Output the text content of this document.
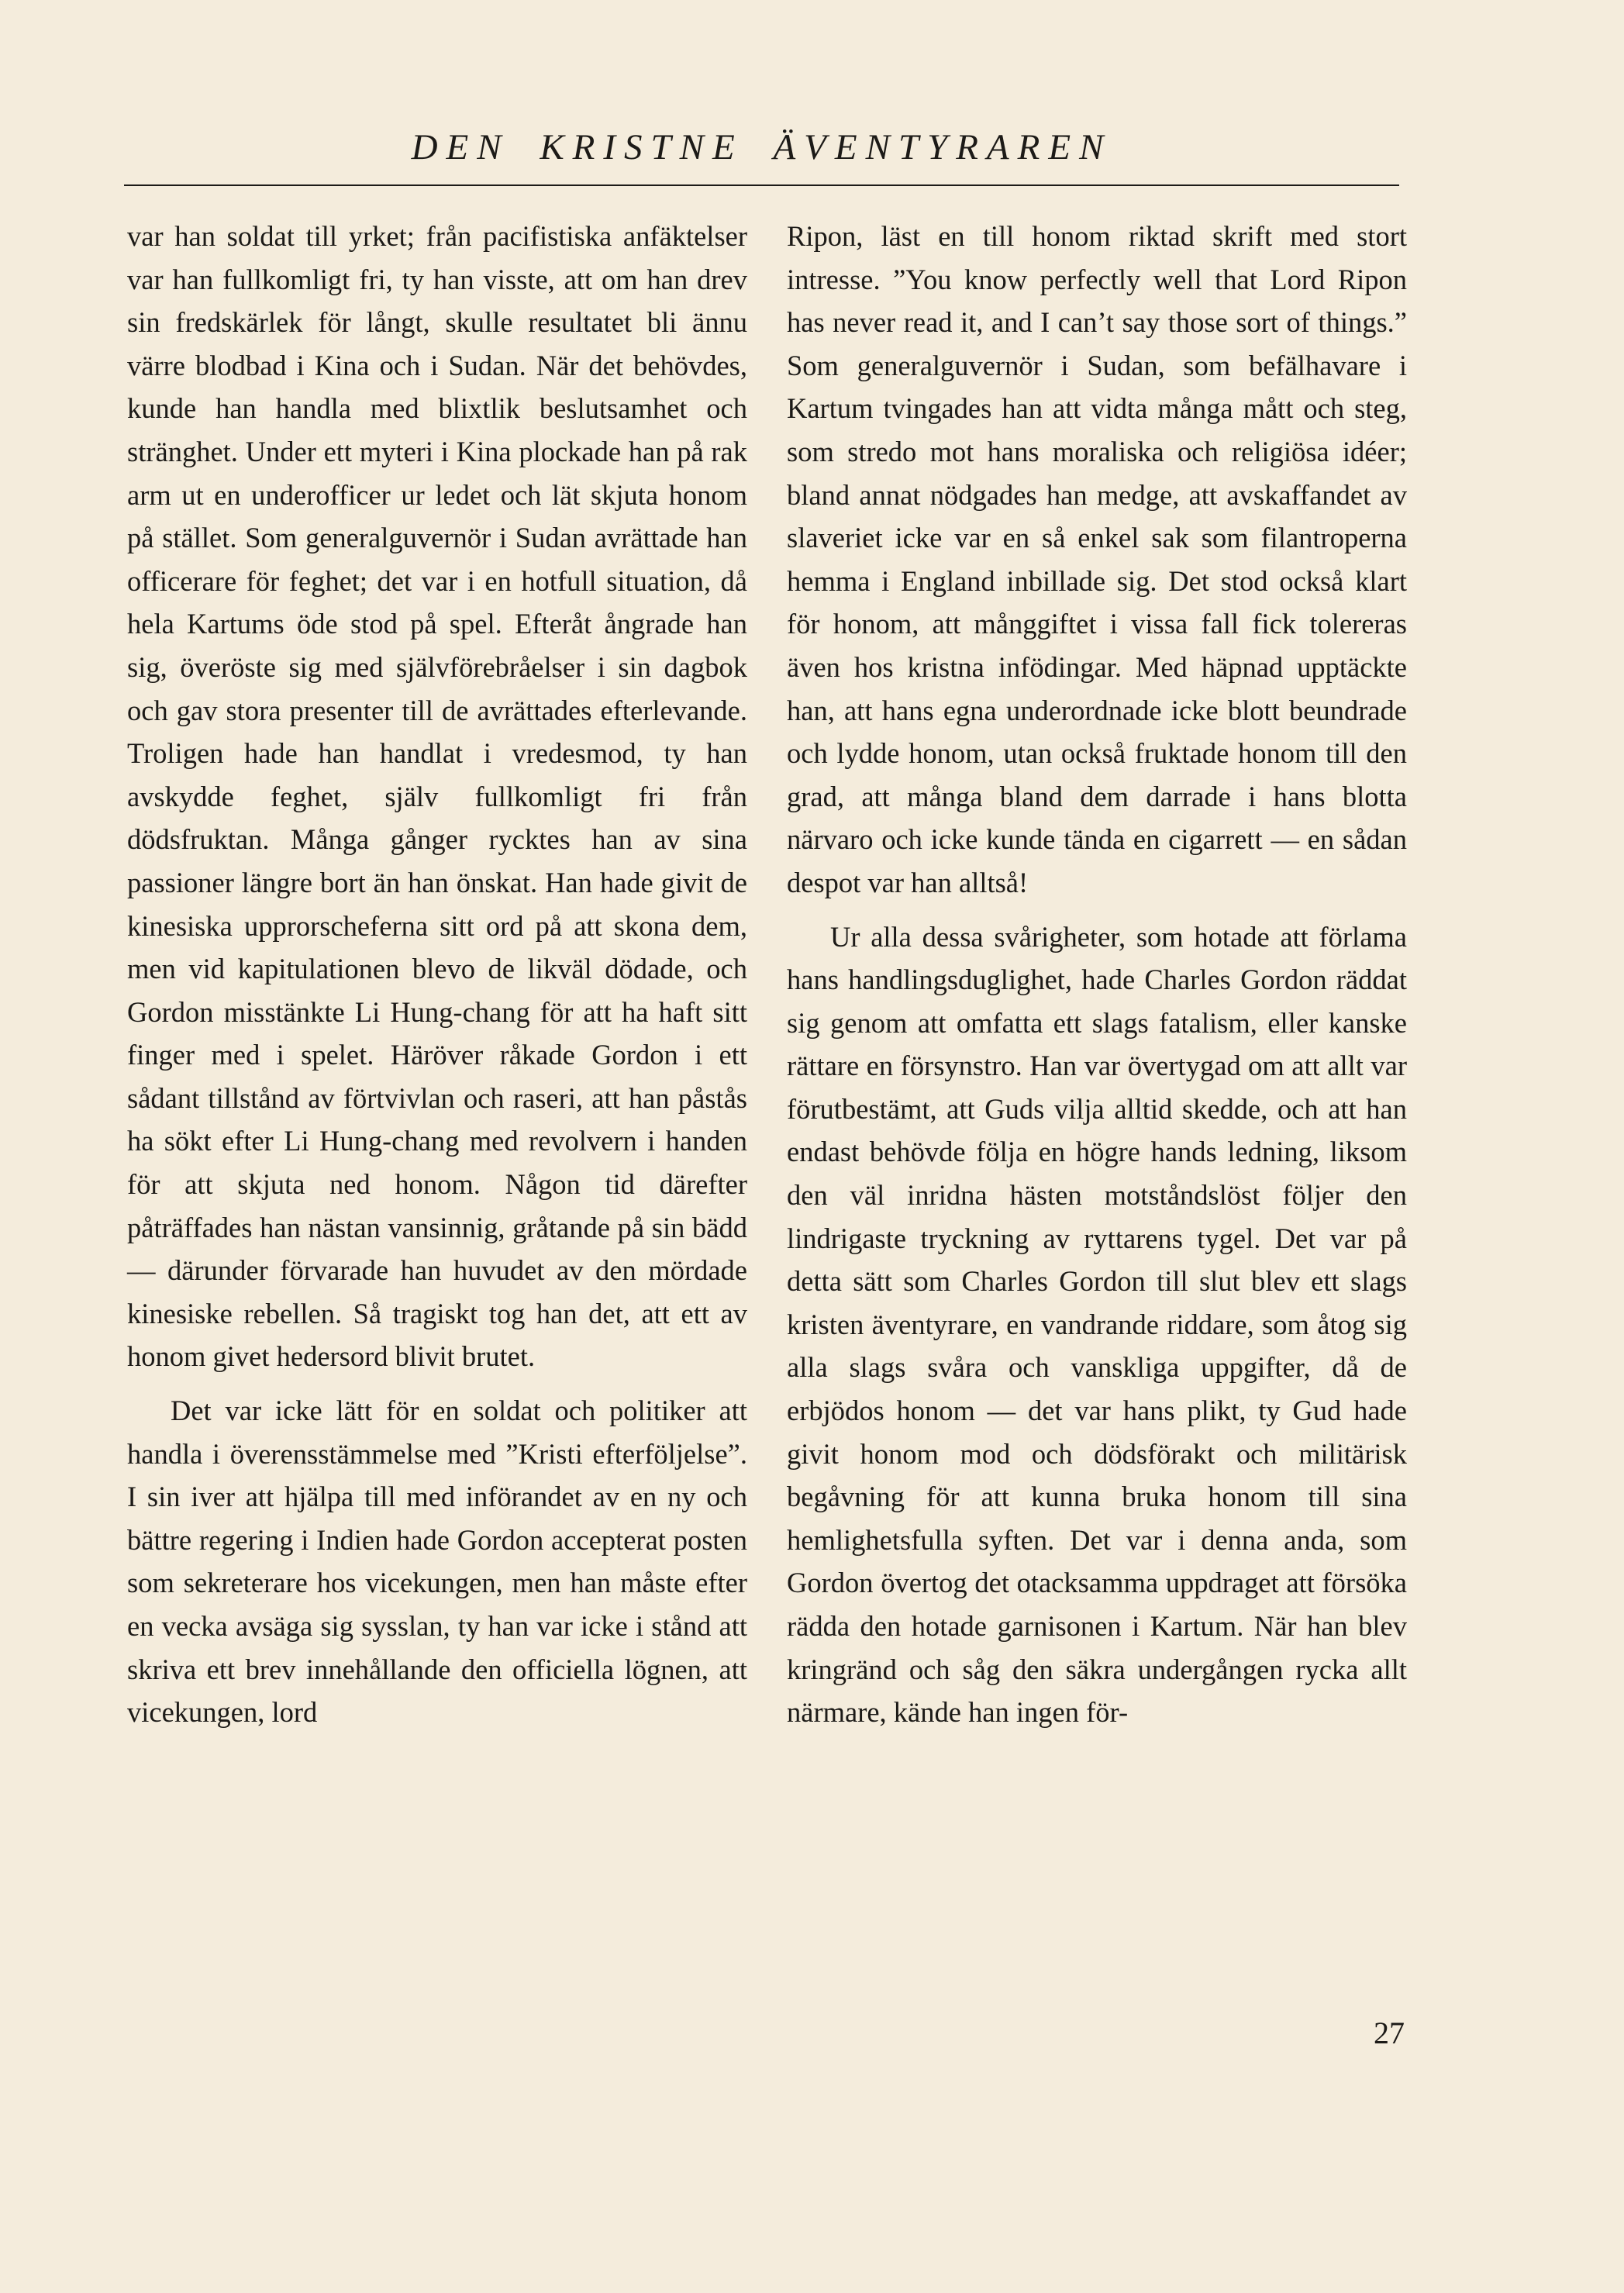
DEN KRISTNE ÄVENTYRAREN

var han soldat till yrket; från pacifistiska anfäktelser var han fullkomligt fri, ty han visste, att om han drev sin fredskärlek för långt, skulle resultatet bli ännu värre blodbad i Kina och i Sudan. När det behövdes, kunde han handla med blixtlik beslutsamhet och stränghet. Under ett myteri i Kina plockade han på rak arm ut en underofficer ur ledet och lät skjuta honom på stället. Som generalguvernör i Sudan avrättade han officerare för feghet; det var i en hotfull situation, då hela Kartums öde stod på spel. Efteråt ångrade han sig, överöste sig med självförebråelser i sin dagbok och gav stora presenter till de avrättades efterlevande. Troligen hade han handlat i vredesmod, ty han avskydde feghet, själv fullkomligt fri från dödsfruktan. Många gånger rycktes han av sina passioner längre bort än han önskat. Han hade givit de kinesiska upprorscheferna sitt ord på att skona dem, men vid kapitulationen blevo de likväl dödade, och Gordon misstänkte Li Hung-chang för att ha haft sitt finger med i spelet. Häröver råkade Gordon i ett sådant tillstånd av förtvivlan och raseri, att han påstås ha sökt efter Li Hung-chang med revolvern i handen för att skjuta ned honom. Någon tid därefter påträffades han nästan vansinnig, gråtande på sin bädd — därunder förvarade han huvudet av den mördade kinesiske rebellen. Så tragiskt tog han det, att ett av honom givet hedersord blivit brutet.

Det var icke lätt för en soldat och politiker att handla i överensstämmelse med ”Kristi efterföljelse”. I sin iver att hjälpa till med införandet av en ny och bättre regering i Indien hade Gordon accepterat posten som sekreterare hos vicekungen, men han måste efter en vecka avsäga sig sysslan, ty han var icke i stånd att skriva ett brev innehållande den officiella lögnen, att vicekungen, lord

Ripon, läst en till honom riktad skrift med stort intresse. ”You know perfectly well that Lord Ripon has never read it, and I can’t say those sort of things.” Som generalguvernör i Sudan, som befälhavare i Kartum tvingades han att vidta många mått och steg, som stredo mot hans moraliska och religiösa idéer; bland annat nödgades han medge, att avskaffandet av slaveriet icke var en så enkel sak som filantroperna hemma i England inbillade sig. Det stod också klart för honom, att månggiftet i vissa fall fick tolereras även hos kristna infödingar. Med häpnad upptäckte han, att hans egna underordnade icke blott beundrade och lydde honom, utan också fruktade honom till den grad, att många bland dem darrade i hans blotta närvaro och icke kunde tända en cigarrett — en sådan despot var han alltså!

Ur alla dessa svårigheter, som hotade att förlama hans handlingsduglighet, hade Charles Gordon räddat sig genom att omfatta ett slags fatalism, eller kanske rättare en försynstro. Han var övertygad om att allt var förutbestämt, att Guds vilja alltid skedde, och att han endast behövde följa en högre hands ledning, liksom den väl inridna hästen motståndslöst följer den lindrigaste tryckning av ryttarens tygel. Det var på detta sätt som Charles Gordon till slut blev ett slags kristen äventyrare, en vandrande riddare, som åtog sig alla slags svåra och vanskliga uppgifter, då de erbjödos honom — det var hans plikt, ty Gud hade givit honom mod och dödsförakt och militärisk begåvning för att kunna bruka honom till sina hemlighetsfulla syften. Det var i denna anda, som Gordon övertog det otacksamma uppdraget att försöka rädda den hotade garnisonen i Kartum. När han blev kringränd och såg den säkra undergången rycka allt närmare, kände han ingen för-

27
